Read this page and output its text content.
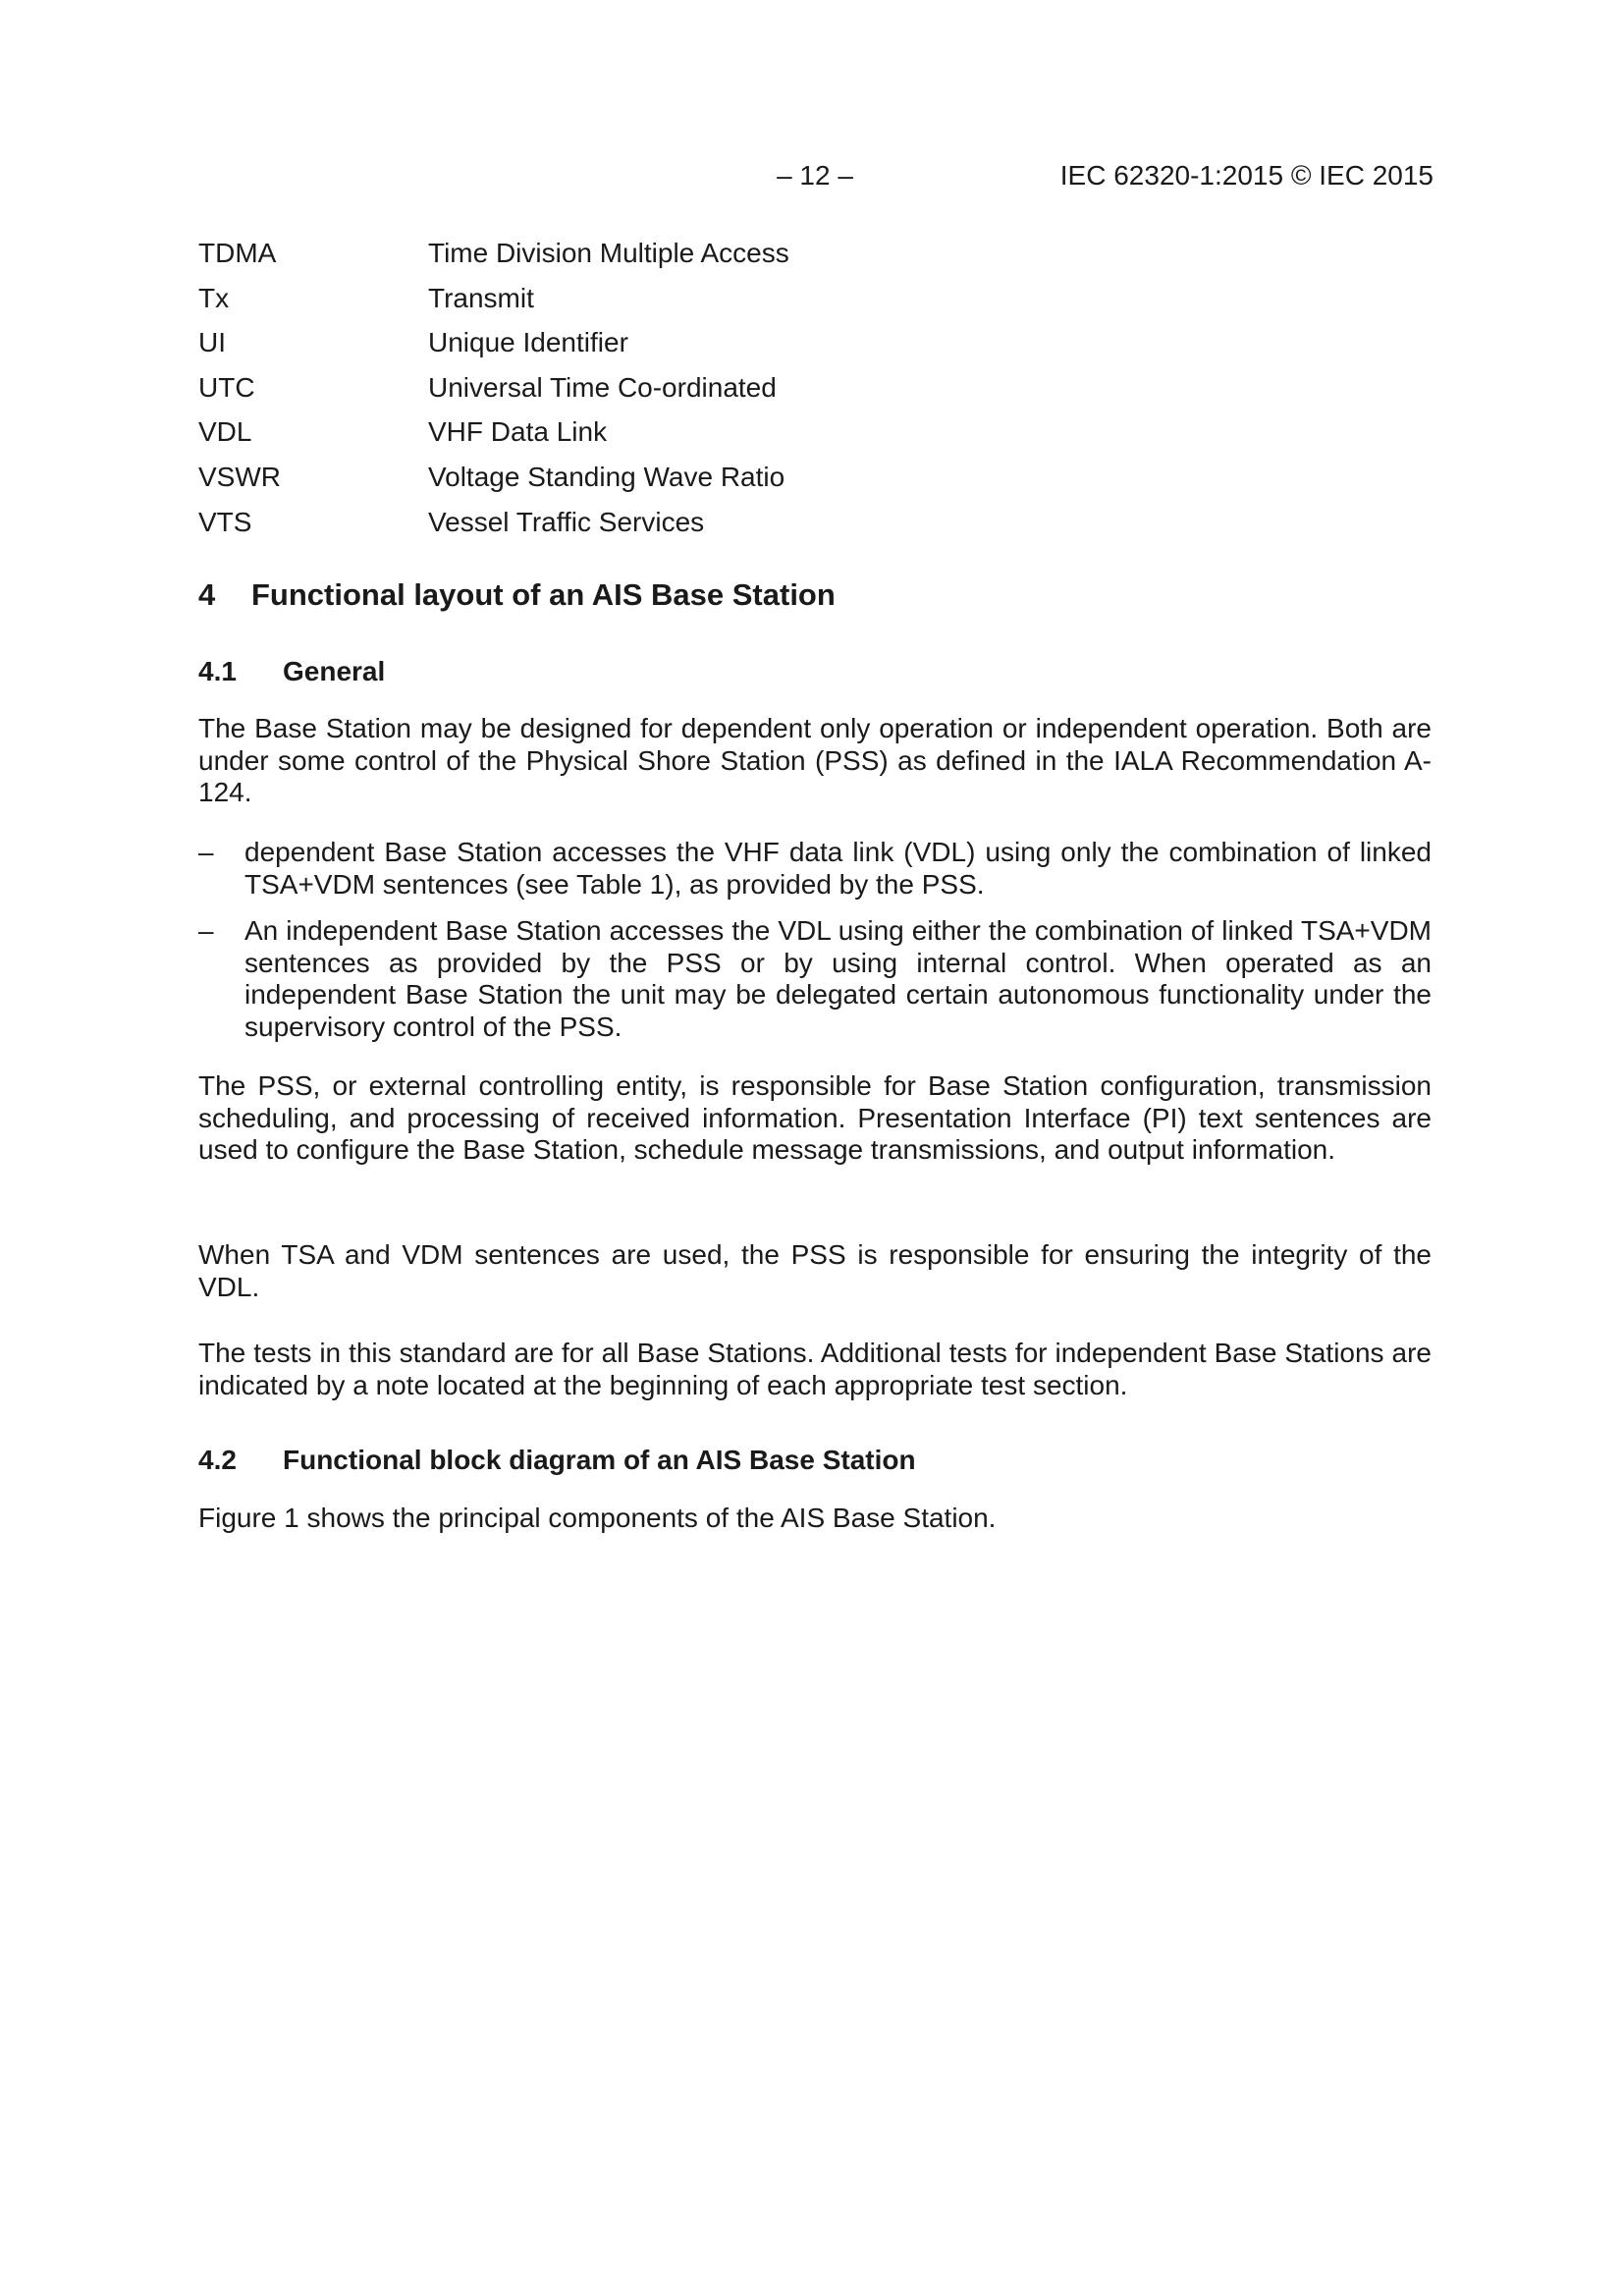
– 12 –	IEC 62320-1:2015 © IEC 2015
TDMA	Time Division Multiple Access
Tx	Transmit
UI	Unique Identifier
UTC	Universal Time Co-ordinated
VDL	VHF Data Link
VSWR	Voltage Standing Wave Ratio
VTS	Vessel Traffic Services
4 Functional layout of an AIS Base Station
4.1 General
The Base Station may be designed for dependent only operation or independent operation. Both are under some control of the Physical Shore Station (PSS) as defined in the IALA Recommendation A-124.
– dependent Base Station accesses the VHF data link (VDL) using only the combination of linked TSA+VDM sentences (see Table 1), as provided by the PSS.
– An independent Base Station accesses the VDL using either the combination of linked TSA+VDM sentences as provided by the PSS or by using internal control. When operated as an independent Base Station the unit may be delegated certain autonomous functionality under the supervisory control of the PSS.
The PSS, or external controlling entity, is responsible for Base Station configuration, transmission scheduling, and processing of received information. Presentation Interface (PI) text sentences are used to configure the Base Station, schedule message transmissions, and output information.
When TSA and VDM sentences are used, the PSS is responsible for ensuring the integrity of the VDL.
The tests in this standard are for all Base Stations. Additional tests for independent Base Stations are indicated by a note located at the beginning of each appropriate test section.
4.2 Functional block diagram of an AIS Base Station
Figure 1 shows the principal components of the AIS Base Station.
